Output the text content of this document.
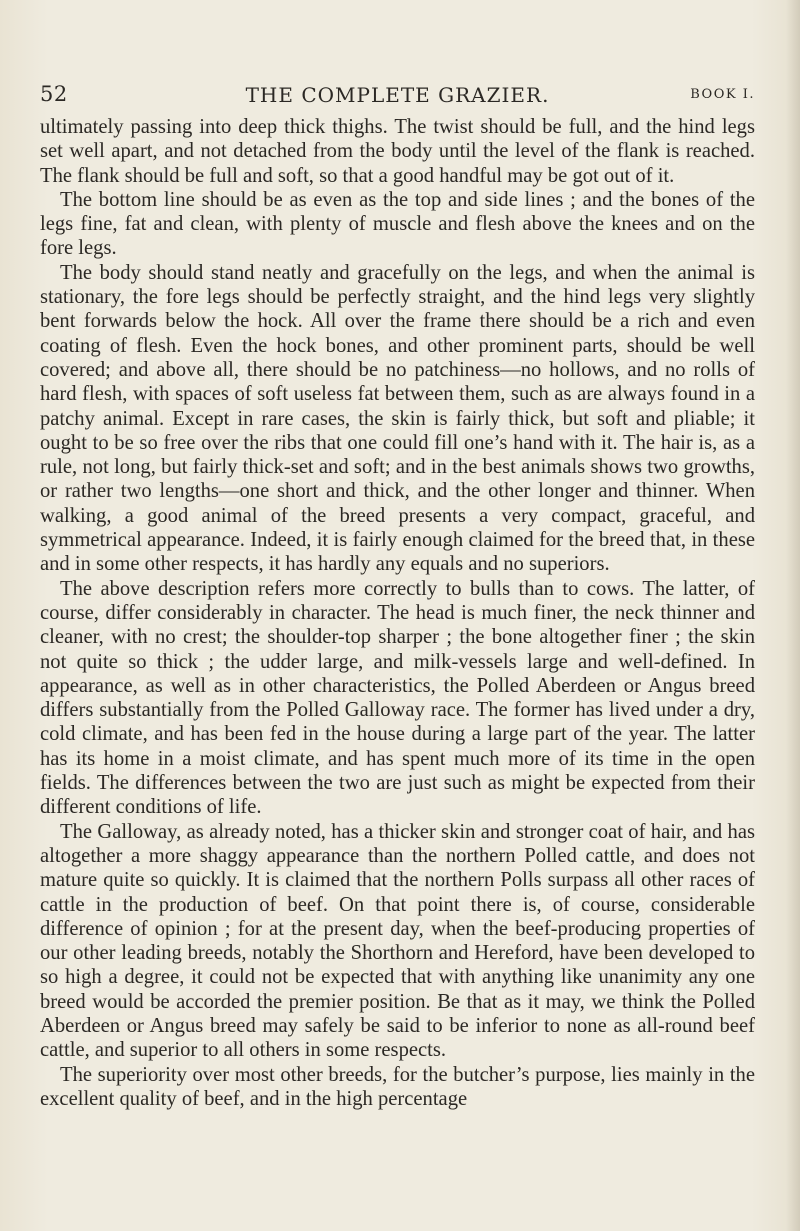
52	THE COMPLETE GRAZIER.	BOOK I.

ultimately passing into deep thick thighs. The twist should be full, and the hind legs set well apart, and not detached from the body until the level of the flank is reached. The flank should be full and soft, so that a good handful may be got out of it.

The bottom line should be as even as the top and side lines ; and the bones of the legs fine, fat and clean, with plenty of muscle and flesh above the knees and on the fore legs.

The body should stand neatly and gracefully on the legs, and when the animal is stationary, the fore legs should be perfectly straight, and the hind legs very slightly bent forwards below the hock. All over the frame there should be a rich and even coating of flesh. Even the hock bones, and other prominent parts, should be well covered; and above all, there should be no patchiness—no hollows, and no rolls of hard flesh, with spaces of soft useless fat between them, such as are always found in a patchy animal. Except in rare cases, the skin is fairly thick, but soft and pliable; it ought to be so free over the ribs that one could fill one’s hand with it. The hair is, as a rule, not long, but fairly thick-set and soft; and in the best animals shows two growths, or rather two lengths—one short and thick, and the other longer and thinner. When walking, a good animal of the breed presents a very compact, graceful, and symmetrical appearance. Indeed, it is fairly enough claimed for the breed that, in these and in some other respects, it has hardly any equals and no superiors.

The above description refers more correctly to bulls than to cows. The latter, of course, differ considerably in character. The head is much finer, the neck thinner and cleaner, with no crest; the shoulder-top sharper ; the bone altogether finer ; the skin not quite so thick ; the udder large, and milk-vessels large and well-defined. In appearance, as well as in other characteristics, the Polled Aberdeen or Angus breed differs substantially from the Polled Galloway race. The former has lived under a dry, cold climate, and has been fed in the house during a large part of the year. The latter has its home in a moist climate, and has spent much more of its time in the open fields. The differences between the two are just such as might be expected from their different conditions of life.

The Galloway, as already noted, has a thicker skin and stronger coat of hair, and has altogether a more shaggy appearance than the northern Polled cattle, and does not mature quite so quickly. It is claimed that the northern Polls surpass all other races of cattle in the production of beef. On that point there is, of course, considerable difference of opinion ; for at the present day, when the beef-producing properties of our other leading breeds, notably the Shorthorn and Hereford, have been developed to so high a degree, it could not be expected that with anything like unanimity any one breed would be accorded the premier position. Be that as it may, we think the Polled Aberdeen or Angus breed may safely be said to be inferior to none as all-round beef cattle, and superior to all others in some respects.

The superiority over most other breeds, for the butcher’s purpose, lies mainly in the excellent quality of beef, and in the high percentage
